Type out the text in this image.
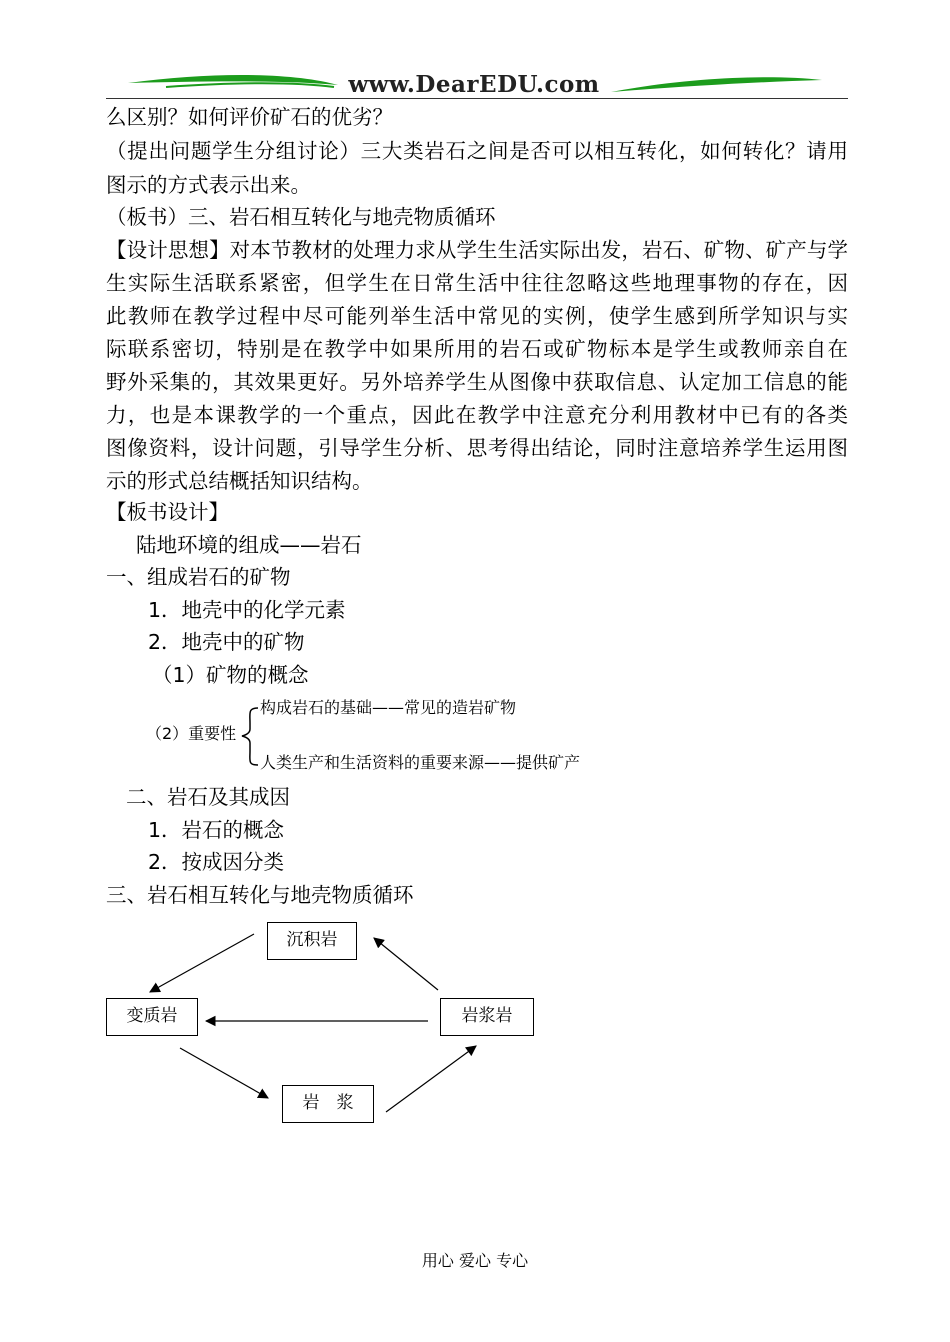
www.DearEDU.com
么区别？如何评价矿石的优劣？
（提出问题学生分组讨论）三大类岩石之间是否可以相互转化，如何转化？请用
图示的方式表示出来。
（板书）三、岩石相互转化与地壳物质循环
【设计思想】对本节教材的处理力求从学生生活实际出发，岩石、矿物、矿产与学
生实际生活联系紧密，但学生在日常生活中往往忽略这些地理事物的存在，因
此教师在教学过程中尽可能列举生活中常见的实例，使学生感到所学知识与实
际联系密切，特别是在教学中如果所用的岩石或矿物标本是学生或教师亲自在
野外采集的，其效果更好。另外培养学生从图像中获取信息、认定加工信息的能
力，也是本课教学的一个重点，因此在教学中注意充分利用教材中已有的各类
图像资料，设计问题，引导学生分析、思考得出结论，同时注意培养学生运用图
示的形式总结概括知识结构。
【板书设计】
陆地环境的组成——岩石
一、组成岩石的矿物
1．地壳中的化学元素
2．地壳中的矿物
（1）矿物的概念
（2）重要性
构成岩石的基础——常见的造岩矿物
人类生产和生活资料的重要来源——提供矿产
二、岩石及其成因
1．岩石的概念
2．按成因分类
三、岩石相互转化与地壳物质循环
沉积岩
变质岩	岩浆岩
岩　浆
用心 爱心 专心
